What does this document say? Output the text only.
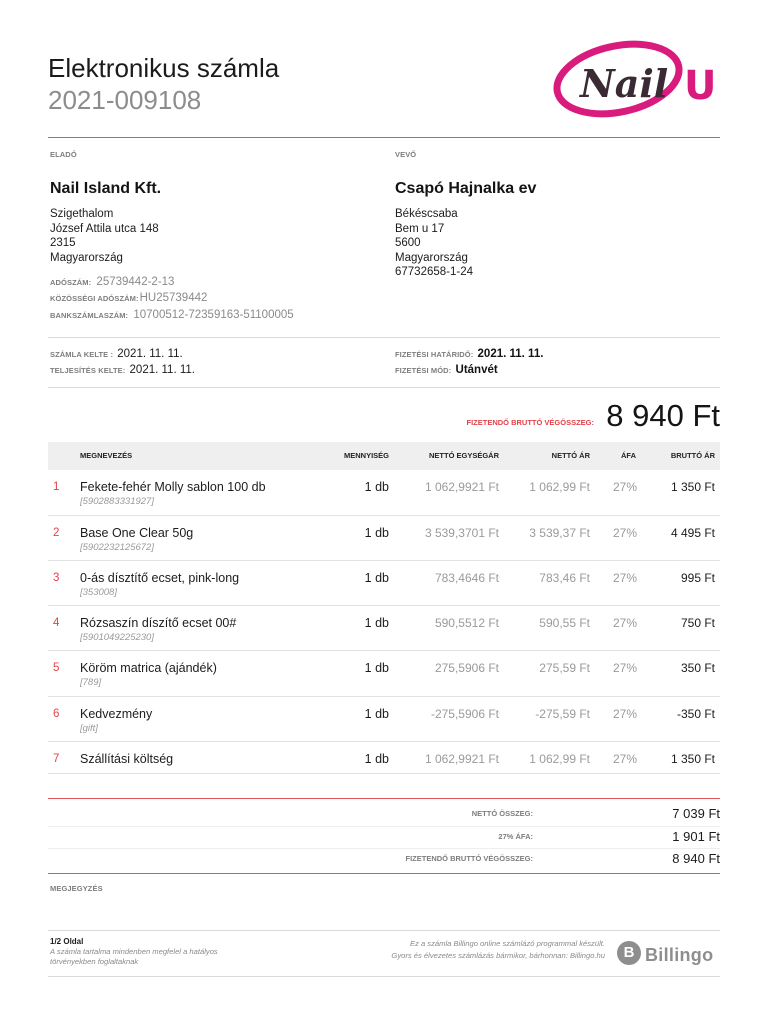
Elektronikus számla
2021-009108	Nail U
ELADÓ	VEVŐ
Nail Island Kft.	Csapó Hajnalka ev
Szigethalom
József Attila utca 148
2315
Magyarország
Békéscsaba
Bem u 17
5600
Magyarország
67732658-1-24
ADÓSZÁM: 25739442-2-13
KÖZÖSSÉGI ADÓSZÁM:HU25739442
BANKSZÁMLASZÁM: 10700512-72359163-51100005
SZÁMLA KELTE : 2021. 11. 11.
TELJESÍTÉS KELTE: 2021. 11. 11.
FIZETÉSI HATÁRIDŐ: 2021. 11. 11.
FIZETÉSI MÓD: Utánvét
FIZETENDŐ BRUTTÓ VÉGÖSSZEG: 8 940 Ft
MEGNEVEZÉS	MENNYISÉG	NETTÓ EGYSÉGÁR	NETTÓ ÁR	ÁFA	BRUTTÓ ÁR
1 Fekete-fehér Molly sablon 100 db
[5902883331927]
1 db	1 062,9921 Ft	1 062,99 Ft 27%	1 350 Ft
2 Base One Clear 50g
[5902232125672]
1 db	3 539,3701 Ft	3 539,37 Ft 27%	4 495 Ft
3 0-ás dísztítő ecset, pink-long
[353008]
1 db	783,4646 Ft	783,46 Ft 27%	995 Ft
4 Rózsaszín díszítő ecset 00#
[5901049225230]
1 db	590,5512 Ft	590,55 Ft 27%	750 Ft
5 Köröm matrica (ajándék)
[789]
1 db	275,5906 Ft	275,59 Ft 27%	350 Ft
6 Kedvezmény
[gift]
1 db	-275,5906 Ft	-275,59 Ft 27%	-350 Ft
7 Szállítási költség	1 db	1 062,9921 Ft	1 062,99 Ft 27%	1 350 Ft
NETTÓ ÖSSZEG:	7 039 Ft
27% ÁFA:	1 901 Ft
FIZETENDŐ BRUTTÓ VÉGÖSSZEG:	8 940 Ft
MEGJEGYZÉS
1/2 Oldal
A számla tartalma mindenben megfelel a hatályos
törvényekben foglaltaknak
Ez a számla Billingo online számlázó programmal készült.
Gyors és élvezetes számlázás bármikor, bárhonnan: Billingo.hu	B Billingo
